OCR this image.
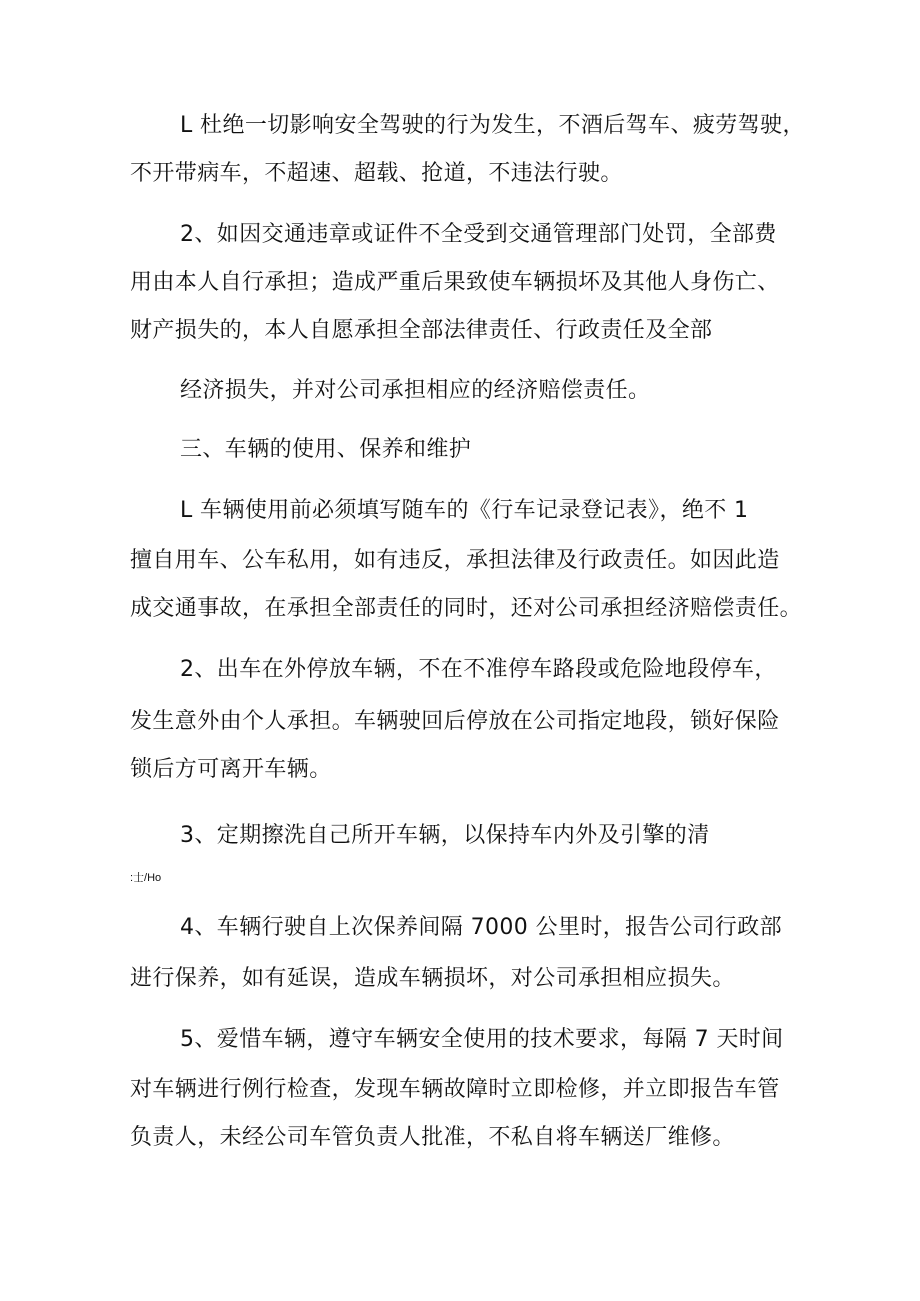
L 杜绝一切影响安全驾驶的行为发生，不酒后驾车、疲劳驾驶，
不开带病车，不超速、超载、抢道，不违法行驶。
2、如因交通违章或证件不全受到交通管理部门处罚，全部费
用由本人自行承担；造成严重后果致使车辆损坏及其他人身伤亡、
财产损失的，本人自愿承担全部法律责任、行政责任及全部
经济损失，并对公司承担相应的经济赔偿责任。
三、车辆的使用、保养和维护
L 车辆使用前必须填写随车的《行车记录登记表》，绝不 1
擅自用车、公车私用，如有违反，承担法律及行政责任。如因此造
成交通事故，在承担全部责任的同时，还对公司承担经济赔偿责任。
2、出车在外停放车辆，不在不准停车路段或危险地段停车，
发生意外由个人承担。车辆驶回后停放在公司指定地段，锁好保险
锁后方可离开车辆。
3、定期擦洗自己所开车辆，以保持车内外及引擎的清
:士/Ho
4、车辆行驶自上次保养间隔 7000 公里时，报告公司行政部
进行保养，如有延误，造成车辆损坏，对公司承担相应损失。
5、爱惜车辆，遵守车辆安全使用的技术要求，每隔 7 天时间
对车辆进行例行检查，发现车辆故障时立即检修，并立即报告车管
负责人，未经公司车管负责人批准，不私自将车辆送厂维修。
